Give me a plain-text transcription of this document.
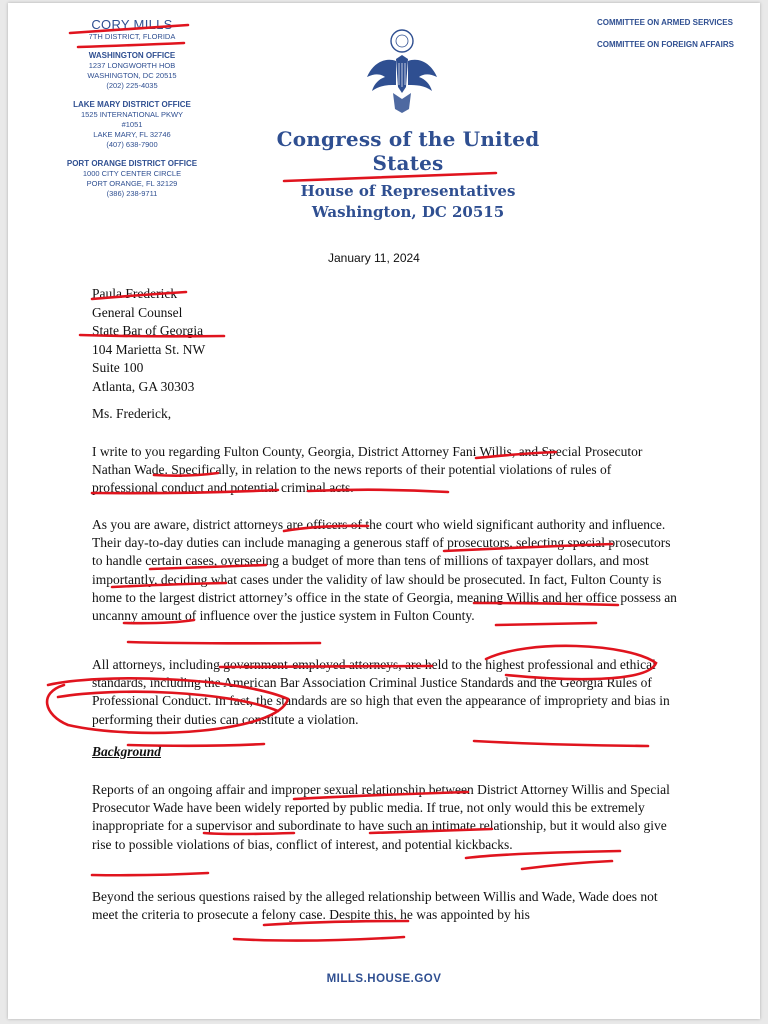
CORY MILLS
7TH DISTRICT, FLORIDA
WASHINGTON OFFICE
1237 LONGWORTH HOB
WASHINGTON, DC 20515
(202) 225-4035
LAKE MARY DISTRICT OFFICE
1525 INTERNATIONAL PKWY
#1051
LAKE MARY, FL 32746
(407) 638-7900
PORT ORANGE DISTRICT OFFICE
1000 CITY CENTER CIRCLE
PORT ORANGE, FL 32129
(386) 238-9711
COMMITTEE ON ARMED SERVICES
COMMITTEE ON FOREIGN AFFAIRS
Congress of the United States
House of Representatives
Washington, DC 20515
January 11, 2024
Paula Frederick
General Counsel
State Bar of Georgia
104 Marietta St. NW
Suite 100
Atlanta, GA 30303
Ms. Frederick,
I write to you regarding Fulton County, Georgia, District Attorney Fani Willis, and Special Prosecutor Nathan Wade. Specifically, in relation to the news reports of their potential violations of rules of professional conduct and potential criminal acts.
As you are aware, district attorneys are officers of the court who wield significant authority and influence. Their day-to-day duties can include managing a generous staff of prosecutors, selecting special prosecutors to handle certain cases, overseeing a budget of more than tens of millions of taxpayer dollars, and most importantly, deciding what cases under the validity of law should be prosecuted. In fact, Fulton County is home to the largest district attorney’s office in the state of Georgia, meaning Willis and her office possess an uncanny amount of influence over the justice system in Fulton County.
All attorneys, including government-employed attorneys, are held to the highest professional and ethical standards, including the American Bar Association Criminal Justice Standards and the Georgia Rules of Professional Conduct. In fact, the standards are so high that even the appearance of impropriety and bias in performing their duties can constitute a violation.
Background
Reports of an ongoing affair and improper sexual relationship between District Attorney Willis and Special Prosecutor Wade have been widely reported by public media. If true, not only would this be extremely inappropriate for a supervisor and subordinate to have such an intimate relationship, but it would also give rise to possible violations of bias, conflict of interest, and potential kickbacks.
Beyond the serious questions raised by the alleged relationship between Willis and Wade, Wade does not meet the criteria to prosecute a felony case. Despite this, he was appointed by his
MILLS.HOUSE.GOV
